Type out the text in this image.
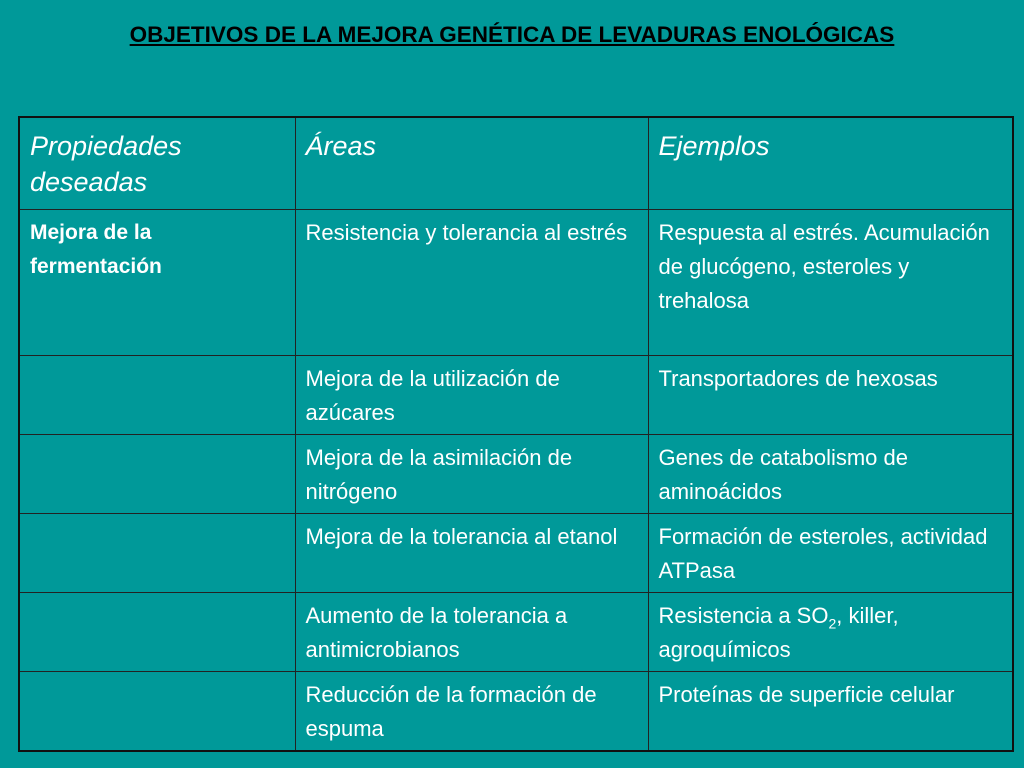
OBJETIVOS DE LA MEJORA GENÉTICA DE LEVADURAS ENOLÓGICAS
Propiedades deseadas	Áreas	Ejemplos
Mejora de la fermentación	Resistencia y tolerancia al estrés	Respuesta al estrés. Acumulación de glucógeno, esteroles y trehalosa
	Mejora de la utilización de azúcares	Transportadores de hexosas
	Mejora de la asimilación de nitrógeno	Genes de catabolismo de aminoácidos
	Mejora de la tolerancia al etanol	Formación de esteroles, actividad ATPasa
	Aumento de la tolerancia a antimicrobianos	Resistencia a $SO_2$, killer, agroquímicos
	Reducción de la formación de espuma	Proteínas de superficie celular
